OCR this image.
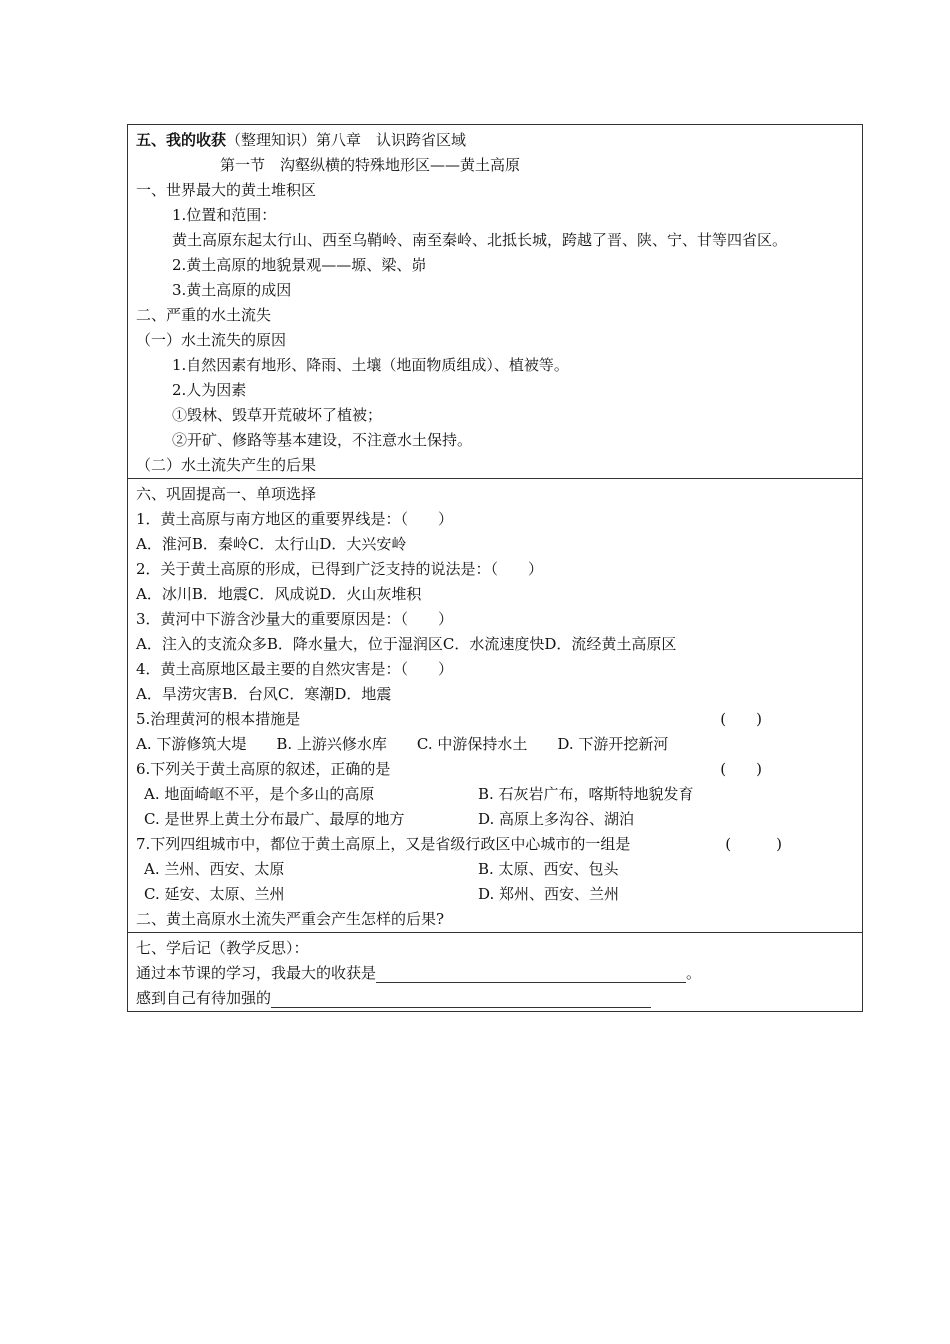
五、我的收获（整理知识）第八章　认识跨省区域
第一节　沟壑纵横的特殊地形区——黄土高原
一、世界最大的黄土堆积区
1.位置和范围：
黄土高原东起太行山、西至乌鞘岭、南至秦岭、北抵长城，跨越了晋、陕、宁、甘等四省区。
2.黄土高原的地貌景观——塬、梁、峁
3.黄土高原的成因
二、严重的水土流失
（一）水土流失的原因
1.自然因素有地形、降雨、土壤（地面物质组成）、植被等。
2.人为因素
①毁林、毁草开荒破坏了植被；
②开矿、修路等基本建设，不注意水土保持。
（二）水土流失产生的后果
六、巩固提高一、单项选择
1．黄土高原与南方地区的重要界线是：（　　）
A．淮河B．秦岭C．太行山D．大兴安岭
2．关于黄土高原的形成，已得到广泛支持的说法是：（　　）
A．冰川B．地震C．风成说D．火山灰堆积
3．黄河中下游含沙量大的重要原因是：（　　）
A．注入的支流众多B．降水量大，位于湿润区C．水流速度快D．流经黄土高原区
4．黄土高原地区最主要的自然灾害是：（　　）
A．旱涝灾害B．台风C．寒潮D．地震
5.治理黄河的根本措施是	(　　)
A. 下游修筑大堤　　B. 上游兴修水库　　C. 中游保持水土　　D. 下游开挖新河
6.下列关于黄土高原的叙述，正确的是	(　　)
A. 地面崎岖不平，是个多山的高原	B. 石灰岩广布，喀斯特地貌发育
C. 是世界上黄土分布最广、最厚的地方	D. 高原上多沟谷、湖泊
7.下列四组城市中，都位于黄土高原上，又是省级行政区中心城市的一组是	(　　　)
A. 兰州、西安、太原	B. 太原、西安、包头
C. 延安、太原、兰州	D. 郑州、西安、兰州
二、黄土高原水土流失严重会产生怎样的后果?
七、学后记（教学反思）：
通过本节课的学习，我最大的收获是	。
感到自己有待加强的
